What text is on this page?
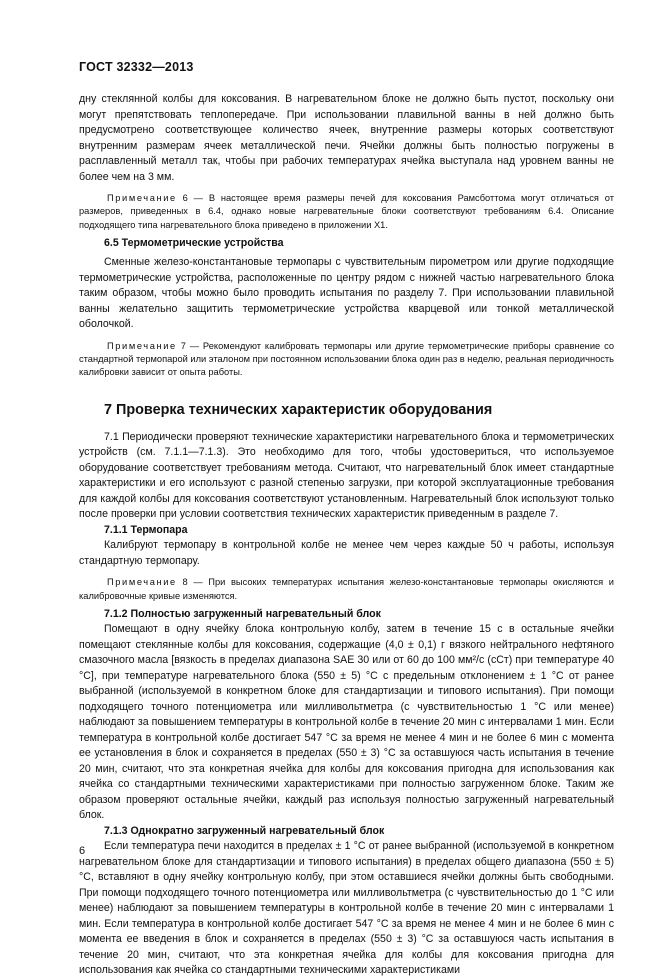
ГОСТ 32332—2013

дну стеклянной колбы для коксования. В нагревательном блоке не должно быть пустот, поскольку они могут препятствовать теплопередаче. При использовании плавильной ванны в ней должно быть предусмотрено соответствующее количество ячеек, внутренние размеры которых соответствуют внутренним размерам ячеек металлической печи. Ячейки должны быть полностью погружены в расплавленный металл так, чтобы при рабочих температурах ячейка выступала над уровнем ванны не более чем на 3 мм.

Примечание 6 — В настоящее время размеры печей для коксования Рамсботтома могут отличаться от размеров, приведенных в 6.4, однако новые нагревательные блоки соответствуют требованиям 6.4. Описание подходящего типа нагревательного блока приведено в приложении Х1.

6.5 Термометрические устройства

Сменные железо-константановые термопары с чувствительным пирометром или другие подходящие термометрические устройства, расположенные по центру рядом с нижней частью нагревательного блока таким образом, чтобы можно было проводить испытания по разделу 7. При использовании плавильной ванны желательно защитить термометрические устройства кварцевой или тонкой металлической оболочкой.

Примечание 7 — Рекомендуют калибровать термопары или другие термометрические приборы сравнение со стандартной термопарой или эталоном при постоянном использовании блока один раз в неделю, реальная периодичность калибровки зависит от опыта работы.

7 Проверка технических характеристик оборудования

7.1 Периодически проверяют технические характеристики нагревательного блока и термометрических устройств (см. 7.1.1—7.1.3). Это необходимо для того, чтобы удостовериться, что используемое оборудование соответствует требованиям метода. Считают, что нагревательный блок имеет стандартные характеристики и его используют с разной степенью загрузки, при которой эксплуатационные требования для каждой колбы для коксования соответствуют установленным. Нагревательный блок используют только после проверки при условии соответствия технических характеристик приведенным в разделе 7.

7.1.1 Термопара

Калибруют термопару в контрольной колбе не менее чем через каждые 50 ч работы, используя стандартную термопару.

Примечание 8 — При высоких температурах испытания железо-константановые термопары окисляются и калибровочные кривые изменяются.

7.1.2 Полностью загруженный нагревательный блок

Помещают в одну ячейку блока контрольную колбу, затем в течение 15 с в остальные ячейки помещают стеклянные колбы для коксования, содержащие (4,0 ± 0,1) г вязкого нейтрального нефтяного смазочного масла [вязкость в пределах диапазона SAE 30 или от 60 до 100 мм²/с (сСт) при температуре 40 °C], при температуре нагревательного блока (550 ± 5) °C с предельным отклонением ± 1 °C от ранее выбранной (используемой в конкретном блоке для стандартизации и типового испытания). При помощи подходящего точного потенциометра или милливольтметра (с чувствительностью 1 °C или менее) наблюдают за повышением температуры в контрольной колбе в течение 20 мин с интервалами 1 мин. Если температура в контрольной колбе достигает 547 °C за время не менее 4 мин и не более 6 мин с момента ее установления в блок и сохраняется в пределах (550 ± 3) °C за оставшуюся часть испытания в течение 20 мин, считают, что эта конкретная ячейка для колбы для коксования пригодна для использования как ячейка со стандартными техническими характеристиками при полностью загруженном блоке. Таким же образом проверяют остальные ячейки, каждый раз используя полностью загруженный нагревательный блок.

7.1.3 Однократно загруженный нагревательный блок

Если температура печи находится в пределах ± 1 °C от ранее выбранной (используемой в конкретном нагревательном блоке для стандартизации и типового испытания) в пределах общего диапазона (550 ± 5) °C, вставляют в одну ячейку контрольную колбу, при этом оставшиеся ячейки должны быть свободными. При помощи подходящего точного потенциометра или милливольтметра (с чувствительностью до 1 °C или менее) наблюдают за повышением температуры в контрольной колбе в течение 20 мин с интервалами 1 мин. Если температура в контрольной колбе достигает 547 °C за время не менее 4 мин и не более 6 мин с момента ее введения в блок и сохраняется в пределах (550 ± 3) °C за оставшуюся часть испытания в течение 20 мин, считают, что эта конкретная ячейка для колбы для коксования пригодна для использования как ячейка со стандартными техническими характеристиками

6
